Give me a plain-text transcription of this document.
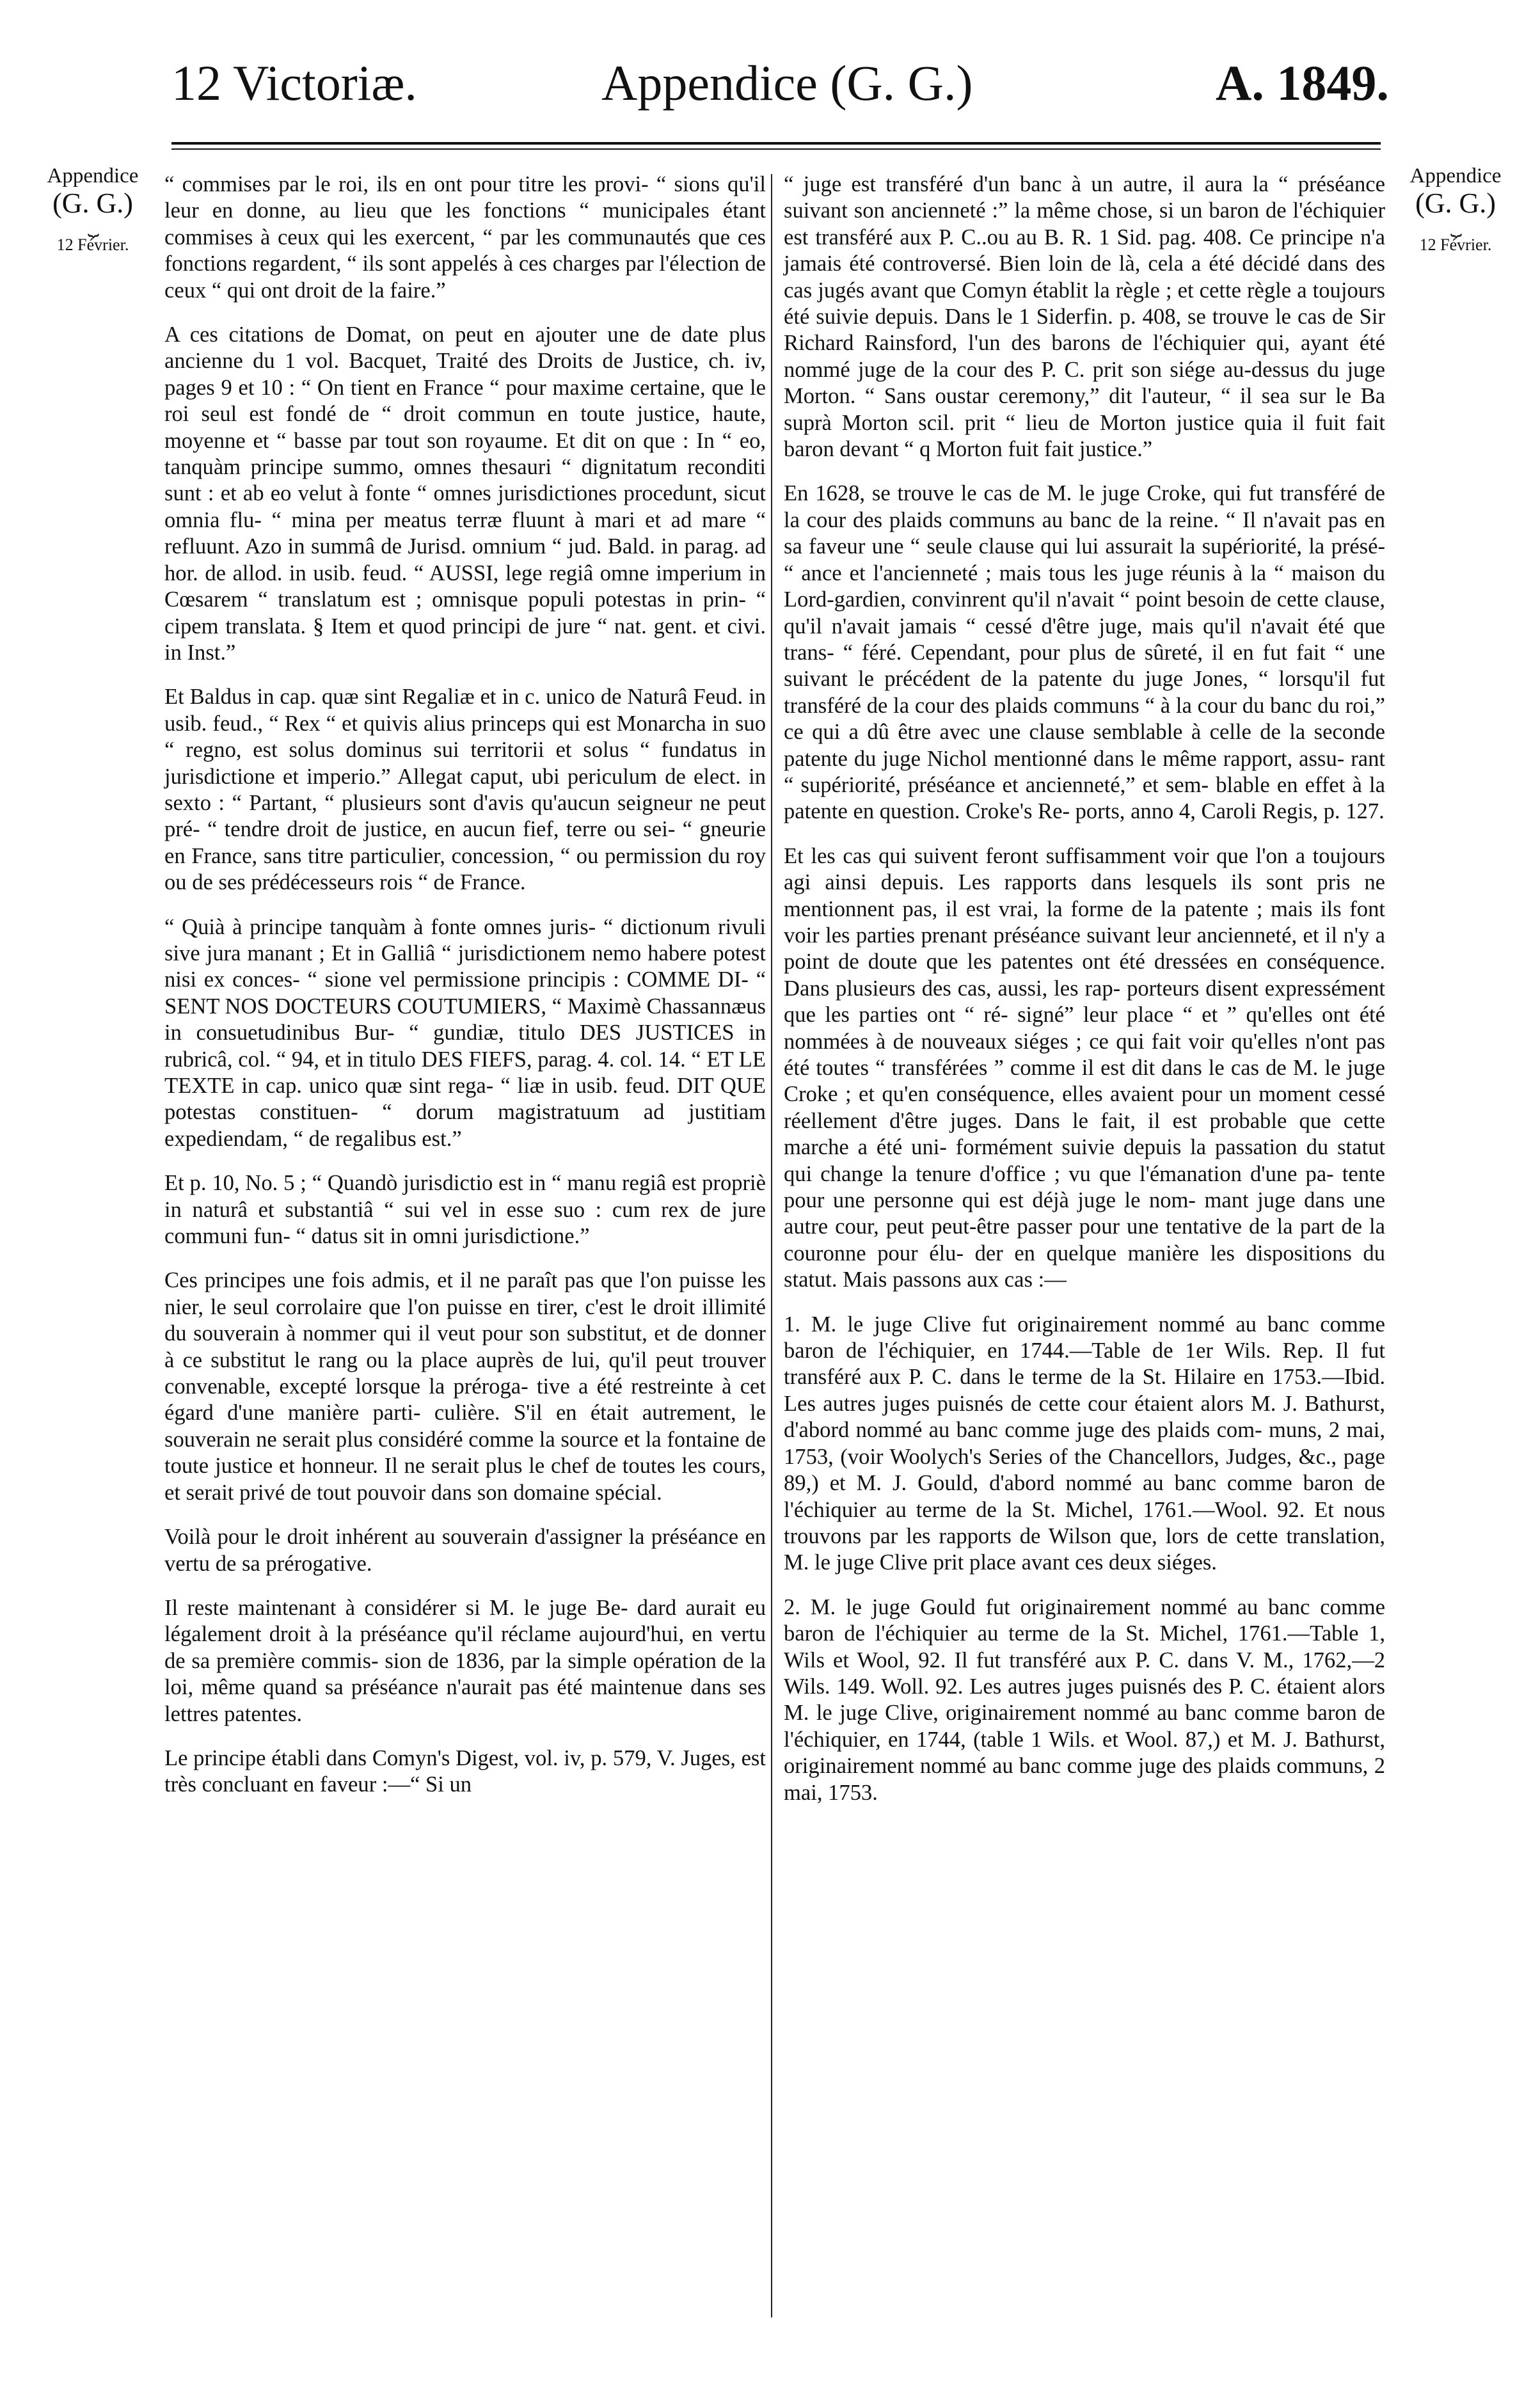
12 Victoriæ.	Appendice (G. G.)	A. 1849.
Appendice
(G. G.)
⏟
12 Février.
Appendice
(G. G.)
⏟
12 Février.

“ commises par le roi, ils en ont pour titre les provi- “ sions qu'il leur en donne, au lieu que les fonctions “ municipales étant commises à ceux qui les exercent, “ par les communautés que ces fonctions regardent, “ ils sont appelés à ces charges par l'élection de ceux “ qui ont droit de la faire.”

A ces citations de Domat, on peut en ajouter une de date plus ancienne du 1 vol. Bacquet, Traité des Droits de Justice, ch. iv, pages 9 et 10 : “ On tient en France “ pour maxime certaine, que le roi seul est fondé de “ droit commun en toute justice, haute, moyenne et “ basse par tout son royaume. Et dit on que : In “ eo, tanquàm principe summo, omnes thesauri “ dignitatum reconditi sunt : et ab eo velut à fonte “ omnes jurisdictiones procedunt, sicut omnia flu- “ mina per meatus terræ fluunt à mari et ad mare “ refluunt. Azo in summâ de Jurisd. omnium “ jud. Bald. in parag. ad hor. de allod. in usib. feud. “ AUSSI, lege regiâ omne imperium in Cœsarem “ translatum est ; omnisque populi potestas in prin- “ cipem translata. § Item et quod principi de jure “ nat. gent. et civi. in Inst.”

Et Baldus in cap. quæ sint Regaliæ et in c. unico de Naturâ Feud. in usib. feud., “ Rex “ et quivis alius princeps qui est Monarcha in suo “ regno, est solus dominus sui territorii et solus “ fundatus in jurisdictione et imperio.” Allegat caput, ubi periculum de elect. in sexto : “ Partant, “ plusieurs sont d'avis qu'aucun seigneur ne peut pré- “ tendre droit de justice, en aucun fief, terre ou sei- “ gneurie en France, sans titre particulier, concession, “ ou permission du roy ou de ses prédécesseurs rois “ de France.

“ Quià à principe tanquàm à fonte omnes juris- “ dictionum rivuli sive jura manant ; Et in Galliâ “ jurisdictionem nemo habere potest nisi ex conces- “ sione vel permissione principis : COMME DI- “ SENT NOS DOCTEURS COUTUMIERS, “ Maximè Chassannæus in consuetudinibus Bur- “ gundiæ, titulo DES JUSTICES in rubricâ, col. “ 94, et in titulo DES FIEFS, parag. 4. col. 14. “ ET LE TEXTE in cap. unico quæ sint rega- “ liæ in usib. feud. DIT QUE potestas constituen- “ dorum magistratuum ad justitiam expediendam, “ de regalibus est.”

Et p. 10, No. 5 ; “ Quandò jurisdictio est in “ manu regiâ est propriè in naturâ et substantiâ “ sui vel in esse suo : cum rex de jure communi fun- “ datus sit in omni jurisdictione.”

Ces principes une fois admis, et il ne paraît pas que l'on puisse les nier, le seul corrolaire que l'on puisse en tirer, c'est le droit illimité du souverain à nommer qui il veut pour son substitut, et de donner à ce substitut le rang ou la place auprès de lui, qu'il peut trouver convenable, excepté lorsque la préroga- tive a été restreinte à cet égard d'une manière parti- culière. S'il en était autrement, le souverain ne serait plus considéré comme la source et la fontaine de toute justice et honneur. Il ne serait plus le chef de toutes les cours, et serait privé de tout pouvoir dans son domaine spécial.

Voilà pour le droit inhérent au souverain d'assigner la préséance en vertu de sa prérogative.

Il reste maintenant à considérer si M. le juge Be- dard aurait eu légalement droit à la préséance qu'il réclame aujourd'hui, en vertu de sa première commis- sion de 1836, par la simple opération de la loi, même quand sa préséance n'aurait pas été maintenue dans ses lettres patentes.

Le principe établi dans Comyn's Digest, vol. iv, p. 579, V. Juges, est très concluant en faveur :—“ Si un

“ juge est transféré d'un banc à un autre, il aura la “ préséance suivant son ancienneté :” la même chose, si un baron de l'échiquier est transféré aux P. C..ou au B. R. 1 Sid. pag. 408. Ce principe n'a jamais été controversé. Bien loin de là, cela a été décidé dans des cas jugés avant que Comyn établit la règle ; et cette règle a toujours été suivie depuis. Dans le 1 Siderfin. p. 408, se trouve le cas de Sir Richard Rainsford, l'un des barons de l'échiquier qui, ayant été nommé juge de la cour des P. C. prit son siége au-dessus du juge Morton. “ Sans oustar ceremony,” dit l'auteur, “ il sea sur le Ba suprà Morton scil. prit “ lieu de Morton justice quia il fuit fait baron devant “ q Morton fuit fait justice.”

En 1628, se trouve le cas de M. le juge Croke, qui fut transféré de la cour des plaids communs au banc de la reine. “ Il n'avait pas en sa faveur une “ seule clause qui lui assurait la supériorité, la présé- “ ance et l'ancienneté ; mais tous les juge réunis à la “ maison du Lord-gardien, convinrent qu'il n'avait “ point besoin de cette clause, qu'il n'avait jamais “ cessé d'être juge, mais qu'il n'avait été que trans- “ féré. Cependant, pour plus de sûreté, il en fut fait “ une suivant le précédent de la patente du juge Jones, “ lorsqu'il fut transféré de la cour des plaids communs “ à la cour du banc du roi,” ce qui a dû être avec une clause semblable à celle de la seconde patente du juge Nichol mentionné dans le même rapport, assu- rant “ supériorité, préséance et ancienneté,” et sem- blable en effet à la patente en question. Croke's Re- ports, anno 4, Caroli Regis, p. 127.

Et les cas qui suivent feront suffisamment voir que l'on a toujours agi ainsi depuis. Les rapports dans lesquels ils sont pris ne mentionnent pas, il est vrai, la forme de la patente ; mais ils font voir les parties prenant préséance suivant leur ancienneté, et il n'y a point de doute que les patentes ont été dressées en conséquence. Dans plusieurs des cas, aussi, les rap- porteurs disent expressément que les parties ont “ ré- signé” leur place “ et ” qu'elles ont été nommées à de nouveaux siéges ; ce qui fait voir qu'elles n'ont pas été toutes “ transférées ” comme il est dit dans le cas de M. le juge Croke ; et qu'en conséquence, elles avaient pour un moment cessé réellement d'être juges. Dans le fait, il est probable que cette marche a été uni- formément suivie depuis la passation du statut qui change la tenure d'office ; vu que l'émanation d'une pa- tente pour une personne qui est déjà juge le nom- mant juge dans une autre cour, peut peut-être passer pour une tentative de la part de la couronne pour élu- der en quelque manière les dispositions du statut. Mais passons aux cas :—

1. M. le juge Clive fut originairement nommé au banc comme baron de l'échiquier, en 1744.—Table de 1er Wils. Rep. Il fut transféré aux P. C. dans le terme de la St. Hilaire en 1753.—Ibid. Les autres juges puisnés de cette cour étaient alors M. J. Bathurst, d'abord nommé au banc comme juge des plaids com- muns, 2 mai, 1753, (voir Woolych's Series of the Chancellors, Judges, &c., page 89,) et M. J. Gould, d'abord nommé au banc comme baron de l'échiquier au terme de la St. Michel, 1761.—Wool. 92. Et nous trouvons par les rapports de Wilson que, lors de cette translation, M. le juge Clive prit place avant ces deux siéges.

2. M. le juge Gould fut originairement nommé au banc comme baron de l'échiquier au terme de la St. Michel, 1761.—Table 1, Wils et Wool, 92. Il fut transféré aux P. C. dans V. M., 1762,—2 Wils. 149. Woll. 92. Les autres juges puisnés des P. C. étaient alors M. le juge Clive, originairement nommé au banc comme baron de l'échiquier, en 1744, (table 1 Wils. et Wool. 87,) et M. J. Bathurst, originairement nommé au banc comme juge des plaids communs, 2 mai, 1753.
